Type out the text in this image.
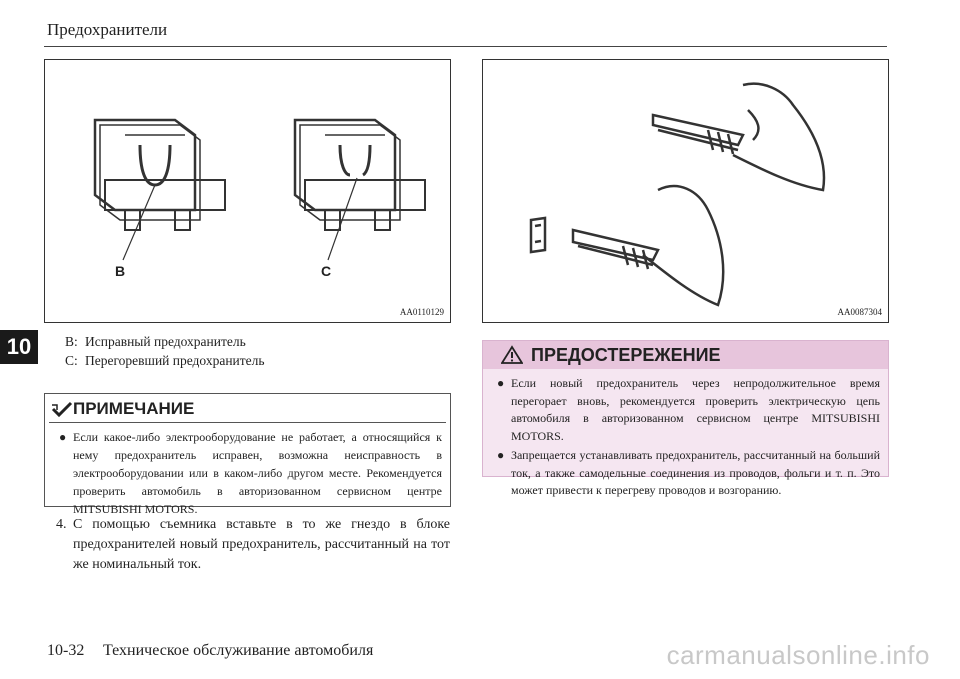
Предохранители
10
B	C
AA0110129	AA0087304
B: Исправный предохранитель
C: Перегоревший предохранитель
ПРИМЕЧАНИЕ
● Если какое-либо электрооборудование не работает, а относящийся к нему предохранитель исправен, возможна неисправность в электрооборудовании или в каком-либо другом месте. Рекомендуется проверить автомобиль в авторизованном сервисном центре MITSUBISHI MOTORS.
4. С помощью съемника вставьте в то же гнездо в блоке предохранителей новый предохранитель, рассчитанный на тот же номинальный ток.
ПРЕДОСТЕРЕЖЕНИЕ
● Если новый предохранитель через непродолжительное время перегорает вновь, рекомендуется проверить электрическую цепь автомобиля в авторизованном сервисном центре MITSUBISHI MOTORS.
● Запрещается устанавливать предохранитель, рассчитанный на больший ток, а также самодельные соединения из проводов, фольги и т. п. Это может привести к перегреву проводов и возгоранию.
10-32 Техническое обслуживание автомобиля	carmanualsonline.info
